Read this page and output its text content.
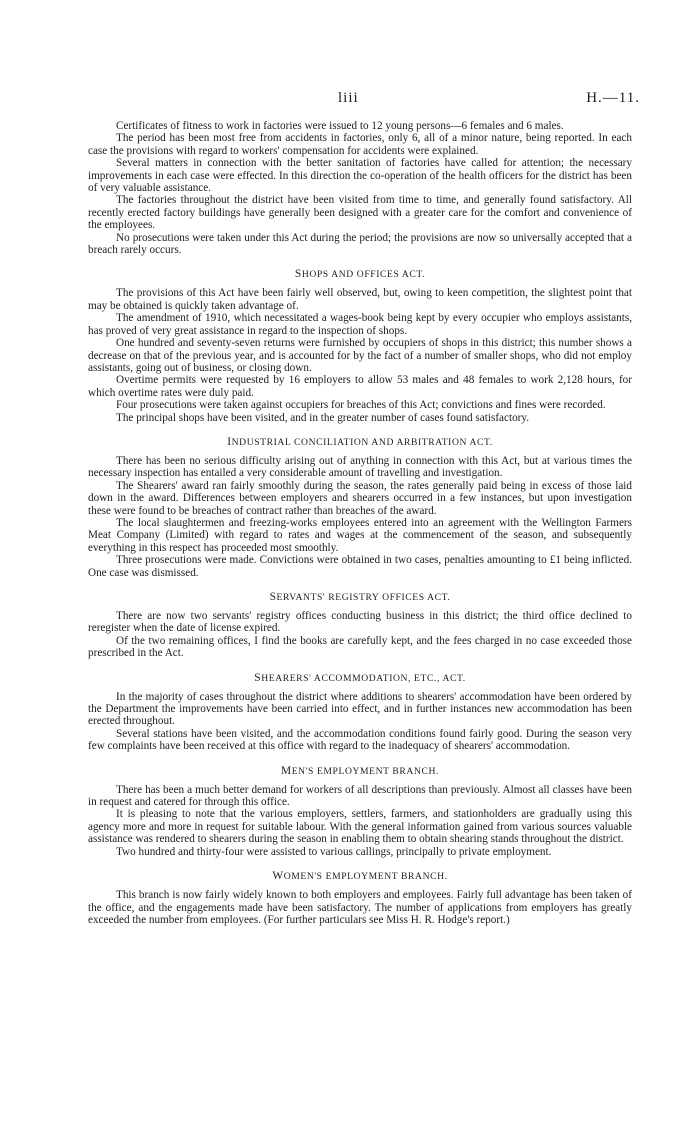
liii	H.—11.

Certificates of fitness to work in factories were issued to 12 young persons—6 females and 6 males.

The period has been most free from accidents in factories, only 6, all of a minor nature, being reported. In each case the provisions with regard to workers' compensation for accidents were explained.

Several matters in connection with the better sanitation of factories have called for attention; the necessary improvements in each case were effected. In this direction the co-operation of the health officers for the district has been of very valuable assistance.

The factories throughout the district have been visited from time to time, and generally found satisfactory. All recently erected factory buildings have generally been designed with a greater care for the comfort and convenience of the employees.

No prosecutions were taken under this Act during the period; the provisions are now so universally accepted that a breach rarely occurs.

SHOPS AND OFFICES ACT.

The provisions of this Act have been fairly well observed, but, owing to keen competition, the slightest point that may be obtained is quickly taken advantage of.

The amendment of 1910, which necessitated a wages-book being kept by every occupier who employs assistants, has proved of very great assistance in regard to the inspection of shops.

One hundred and seventy-seven returns were furnished by occupiers of shops in this district; this number shows a decrease on that of the previous year, and is accounted for by the fact of a number of smaller shops, who did not employ assistants, going out of business, or closing down.

Overtime permits were requested by 16 employers to allow 53 males and 48 females to work 2,128 hours, for which overtime rates were duly paid.

Four prosecutions were taken against occupiers for breaches of this Act; convictions and fines were recorded.

The principal shops have been visited, and in the greater number of cases found satisfactory.

INDUSTRIAL CONCILIATION AND ARBITRATION ACT.

There has been no serious difficulty arising out of anything in connection with this Act, but at various times the necessary inspection has entailed a very considerable amount of travelling and investigation.

The Shearers' award ran fairly smoothly during the season, the rates generally paid being in excess of those laid down in the award. Differences between employers and shearers occurred in a few instances, but upon investigation these were found to be breaches of contract rather than breaches of the award.

The local slaughtermen and freezing-works employees entered into an agreement with the Wellington Farmers Meat Company (Limited) with regard to rates and wages at the commencement of the season, and subsequently everything in this respect has proceeded most smoothly.

Three prosecutions were made. Convictions were obtained in two cases, penalties amounting to £1 being inflicted. One case was dismissed.

SERVANTS' REGISTRY OFFICES ACT.

There are now two servants' registry offices conducting business in this district; the third office declined to reregister when the date of license expired.

Of the two remaining offices, I find the books are carefully kept, and the fees charged in no case exceeded those prescribed in the Act.

SHEARERS' ACCOMMODATION, ETC., ACT.

In the majority of cases throughout the district where additions to shearers' accommodation have been ordered by the Department the improvements have been carried into effect, and in further instances new accommodation has been erected throughout.

Several stations have been visited, and the accommodation conditions found fairly good. During the season very few complaints have been received at this office with regard to the inadequacy of shearers' accommodation.

MEN'S EMPLOYMENT BRANCH.

There has been a much better demand for workers of all descriptions than previously. Almost all classes have been in request and catered for through this office.

It is pleasing to note that the various employers, settlers, farmers, and stationholders are gradually using this agency more and more in request for suitable labour. With the general information gained from various sources valuable assistance was rendered to shearers during the season in enabling them to obtain shearing stands throughout the district.

Two hundred and thirty-four were assisted to various callings, principally to private employment.

WOMEN'S EMPLOYMENT BRANCH.

This branch is now fairly widely known to both employers and employees. Fairly full advantage has been taken of the office, and the engagements made have been satisfactory. The number of applications from employers has greatly exceeded the number from employees. (For further particulars see Miss H. R. Hodge's report.)
